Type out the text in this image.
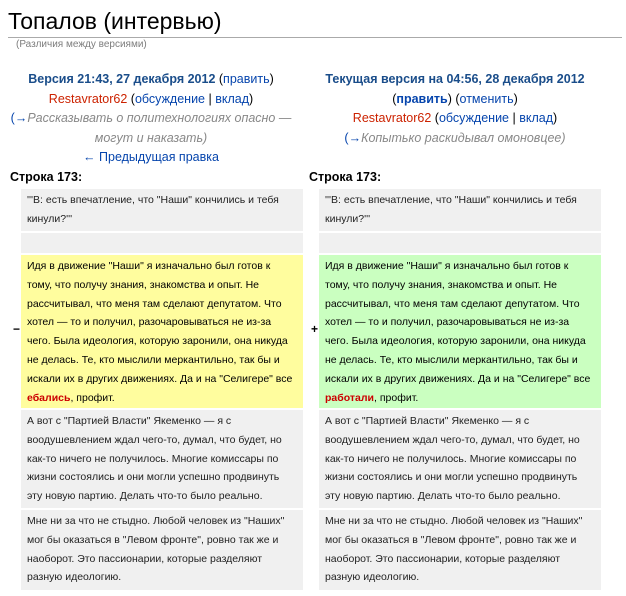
Топалов (интервью)
(Различия между версиями)
Версия 21:43, 27 декабря 2012 (править)
Restavrator62 (обсуждение | вклад)
(→Рассказывать о политехнологиях опасно — могут и наказать)
← Предыдущая правка
Текущая версия на 04:56, 28 декабря 2012
(править) (отменить)
Restavrator62 (обсуждение | вклад)
(→Копытько раскидывал омоновцее)
Строка 173:	Строка 173:
'''В: есть впечатление, что "Наши" кончились и тебя кинули?'''
'''В: есть впечатление, что "Наши" кончились и тебя кинули?'''
−
Идя в движение "Наши" я изначально был готов к тому, что получу знания, знакомства и опыт. Не рассчитывал, что меня там сделают депутатом. Что хотел — то и получил, разочаровываться не из-за чего. Была идеология, которую заронили, она никуда не делась. Те, кто мыслили меркантильно, так бы и искали их в других движениях. Да и на "Селигере" все ебались, профит.
+
Идя в движение "Наши" я изначально был готов к тому, что получу знания, знакомства и опыт. Не рассчитывал, что меня там сделают депутатом. Что хотел — то и получил, разочаровываться не из-за чего. Была идеология, которую заронили, она никуда не делась. Те, кто мыслили меркантильно, так бы и искали их в других движениях. Да и на "Селигере" все работали, профит.
А вот с "Партией Власти" Якеменко — я с воодушевлением ждал чего-то, думал, что будет, но как-то ничего не получилось. Многие комиссары по жизни состоялись и они могли успешно продвинуть эту новую партию. Делать что-то было реально.
А вот с "Партией Власти" Якеменко — я с воодушевлением ждал чего-то, думал, что будет, но как-то ничего не получилось. Многие комиссары по жизни состоялись и они могли успешно продвинуть эту новую партию. Делать что-то было реально.
Мне ни за что не стыдно. Любой человек из "Наших" мог бы оказаться в "Левом фронте", ровно так же и наоборот. Это пассионарии, которые разделяют разную идеологию.
Мне ни за что не стыдно. Любой человек из "Наших" мог бы оказаться в "Левом фронте", ровно так же и наоборот. Это пассионарии, которые разделяют разную идеологию.
